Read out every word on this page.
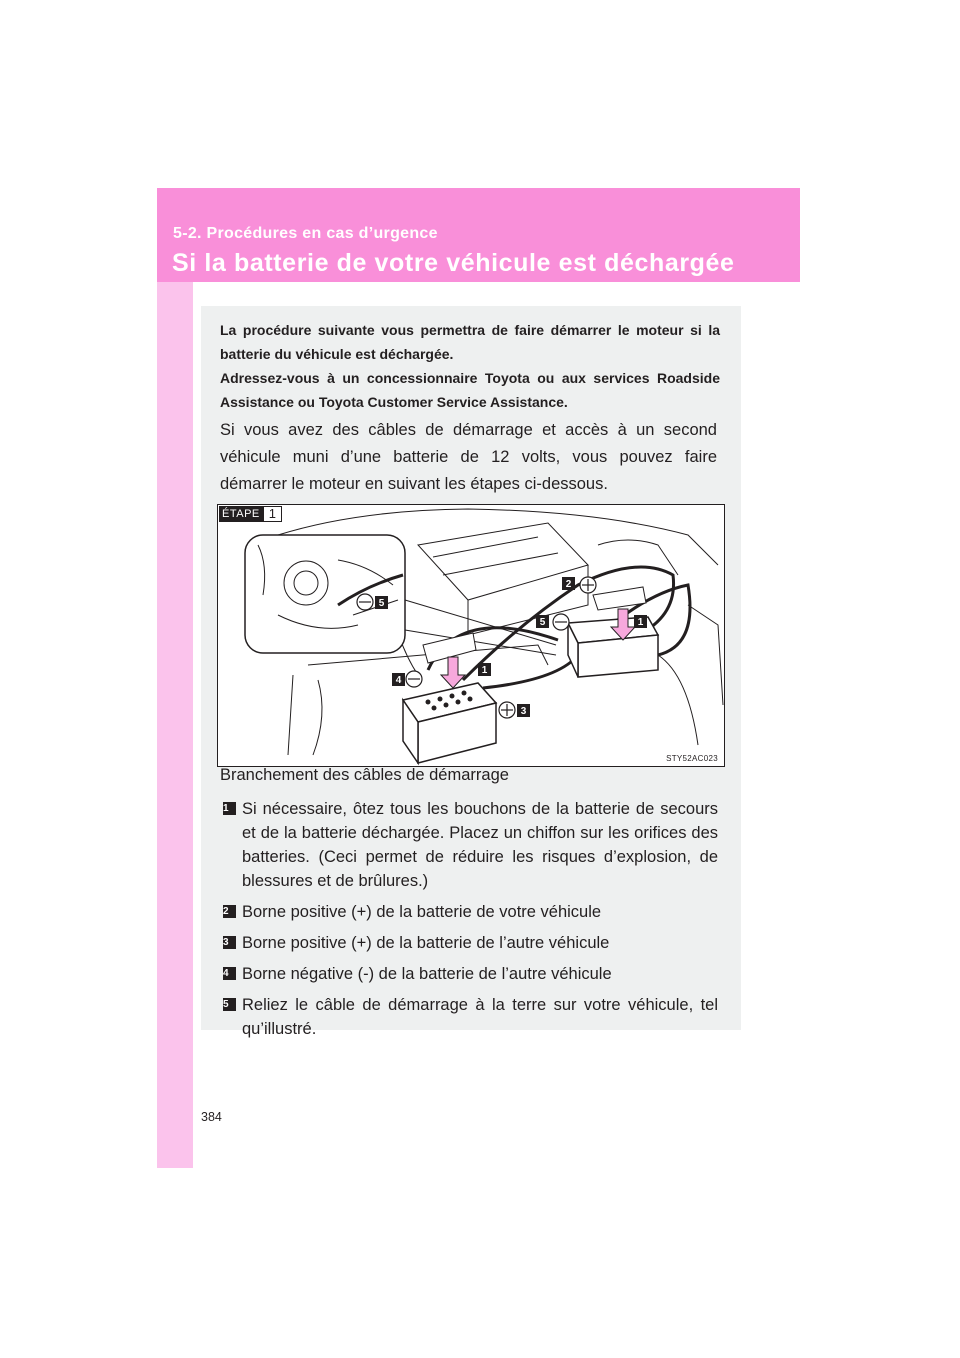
5-2. Procédures en cas d’urgence
Si la batterie de votre véhicule est déchargée

La procédure suivante vous permettra de faire démarrer le moteur si la batterie du véhicule est déchargée.

Adressez-vous à un concessionnaire Toyota ou aux services Roadside Assistance ou Toyota Customer Service Assistance.

Si vous avez des câbles de démarrage et accès à un second véhicule muni d’une batterie de 12 volts, vous pouvez faire démarrer le moteur en suivant les étapes ci-dessous.
5
2
5	1
1
4
3
ÉTAPE 1
STY52AC023
Branchement des câbles de démarrage
1 Si nécessaire, ôtez tous les bouchons de la batterie de secours et de la batterie déchargée. Placez un chiffon sur les orifices des batteries. (Ceci permet de réduire les risques d’explosion, de blessures et de brûlures.)
2 Borne positive (+) de la batterie de votre véhicule
3 Borne positive (+) de la batterie de l’autre véhicule
4 Borne négative (-) de la batterie de l’autre véhicule
5 Reliez le câble de démarrage à la terre sur votre véhicule, tel qu’illustré.
384
